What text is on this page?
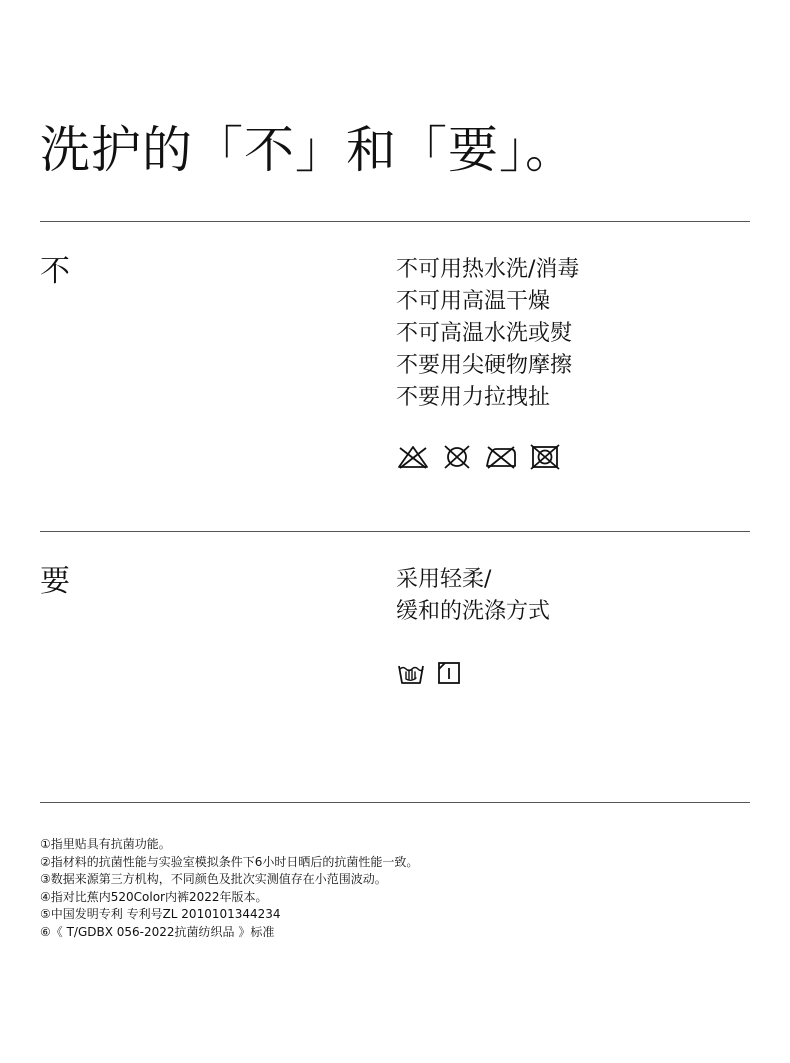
洗护的「不」和「要」。
不	不可用热水洗/消毒
不可用高温干燥
不可高温水洗或熨
不要用尖硬物摩擦
不要用力拉拽扯
要	采用轻柔/
缓和的洗涤方式
①指里贴具有抗菌功能。
②指材料的抗菌性能与实验室模拟条件下6小时日晒后的抗菌性能一致。
③数据来源第三方机构，不同颜色及批次实测值存在小范围波动。
④指对比蕉内520Color内裤2022年版本。
⑤中国发明专利 专利号ZL 2010101344234
⑥《 T/GDBX 056-2022抗菌纺织品 》标准
